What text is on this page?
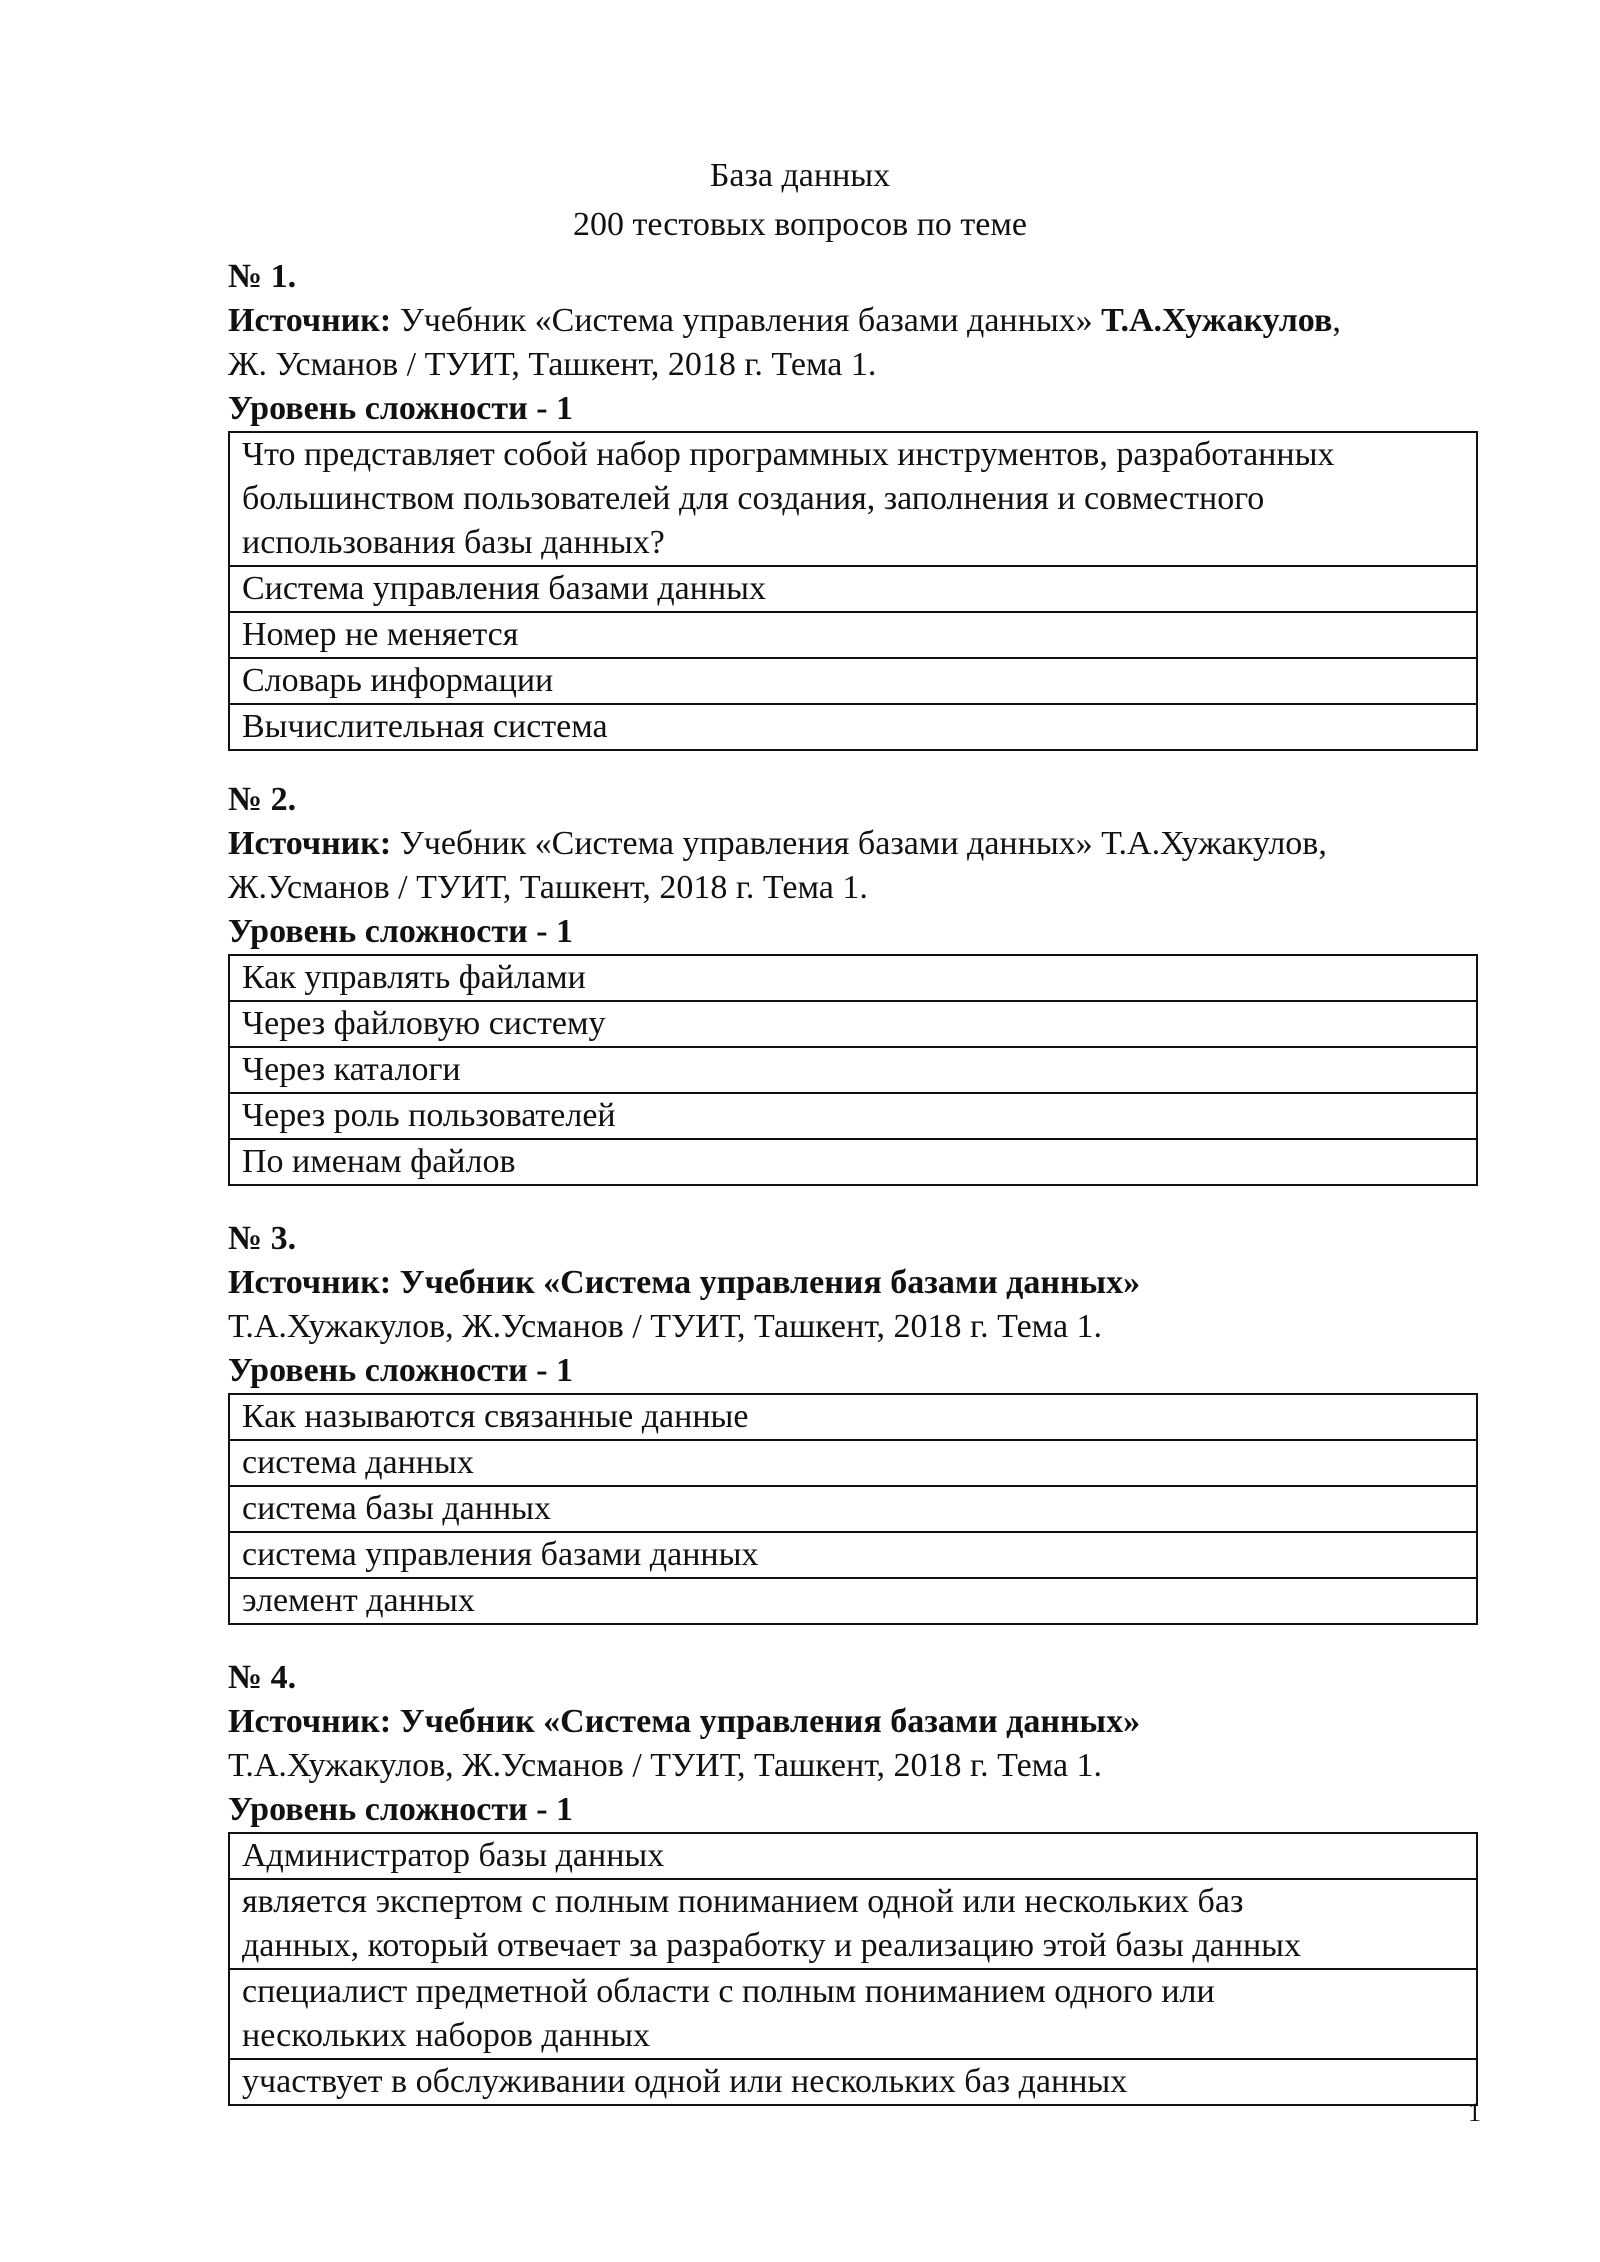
База данных
200 тестовых вопросов по теме
№ 1.
Источник: Учебник «Система управления базами данных» Т.А.Хужакулов,
Ж. Усманов / ТУИТ, Ташкент, 2018 г. Тема 1.
Уровень сложности - 1
Что представляет собой набор программных инструментов, разработанных
большинством пользователей для создания, заполнения и совместного
использования базы данных?

Система управления базами данных
Номер не меняется
Словарь информации
Вычислительная система
№ 2.
Источник: Учебник «Система управления базами данных» Т.А.Хужакулов,
Ж.Усманов / ТУИТ, Ташкент, 2018 г. Тема 1.
Уровень сложности - 1
Как управлять файлами
Через файловую систему
Через каталоги
Через роль пользователей
По именам файлов
№ 3.
Источник: Учебник «Система управления базами данных»
Т.А.Хужакулов, Ж.Усманов / ТУИТ, Ташкент, 2018 г. Тема 1.
Уровень сложности - 1
Как называются связанные данные
система данных
система базы данных
система управления базами данных
элемент данных
№ 4.
Источник: Учебник «Система управления базами данных»
Т.А.Хужакулов, Ж.Усманов / ТУИТ, Ташкент, 2018 г. Тема 1.
Уровень сложности - 1
Администратор базы данных

является экспертом с полным пониманием одной или нескольких баз
данных, который отвечает за разработку и реализацию этой базы данных

специалист предметной области с полным пониманием одного или
нескольких наборов данных

участвует в обслуживании одной или нескольких баз данных
1
